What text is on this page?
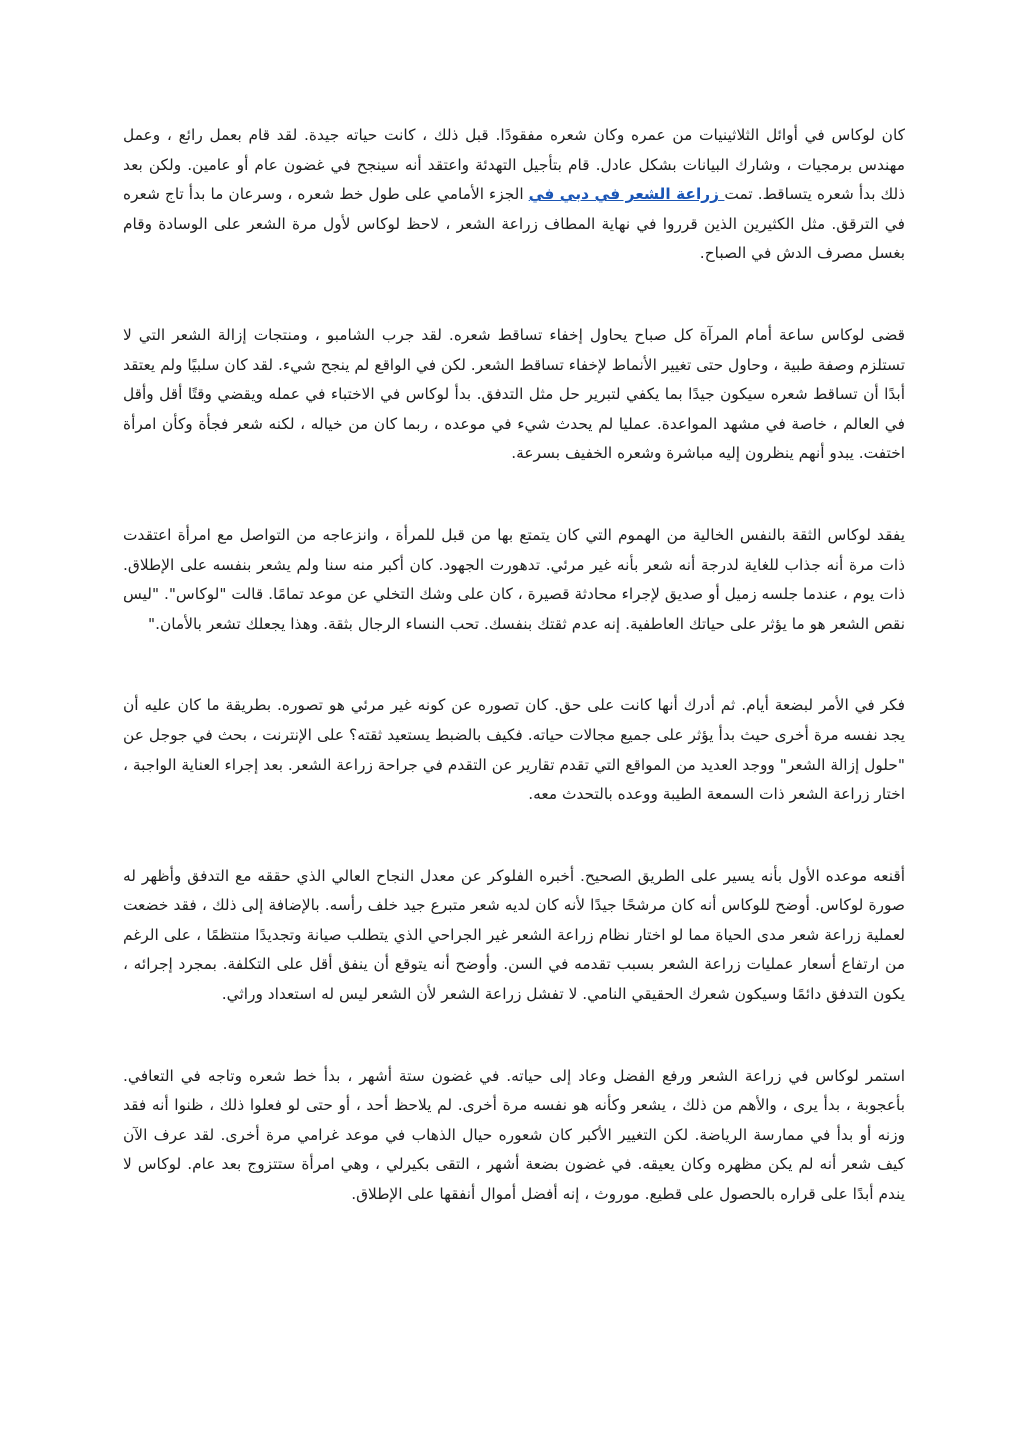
كان لوكاس في أوائل الثلاثينيات من عمره وكان شعره مفقودًا. قبل ذلك ، كانت حياته جيدة. لقد قام بعمل رائع ، وعمل مهندس برمجيات ، وشارك البيانات بشكل عادل. قام بتأجيل التهدئة واعتقد أنه سينجح في غضون عام أو عامين. ولكن بعد ذلك بدأ شعره يتساقط. تمت زراعة الشعر في دبي في الجزء الأمامي على طول خط شعره ، وسرعان ما بدأ تاج شعره في الترقق. مثل الكثيرين الذين قرروا في نهاية المطاف زراعة الشعر ، لاحظ لوكاس لأول مرة الشعر على الوسادة وقام بغسل مصرف الدش في الصباح.

قضى لوكاس ساعة أمام المرآة كل صباح يحاول إخفاء تساقط شعره. لقد جرب الشامبو ، ومنتجات إزالة الشعر التي لا تستلزم وصفة طبية ، وحاول حتى تغيير الأنماط لإخفاء تساقط الشعر. لكن في الواقع لم ينجح شيء. لقد كان سلبيًا ولم يعتقد أبدًا أن تساقط شعره سيكون جيدًا بما يكفي لتبرير حل مثل التدفق. بدأ لوكاس في الاختباء في عمله ويقضي وقتًا أقل وأقل في العالم ، خاصة في مشهد المواعدة. عمليا لم يحدث شيء في موعده ، ربما كان من خياله ، لكنه شعر فجأة وكأن امرأة اختفت. يبدو أنهم ينظرون إليه مباشرة وشعره الخفيف بسرعة.

يفقد لوكاس الثقة بالنفس الخالية من الهموم التي كان يتمتع بها من قبل للمرأة ، وانزعاجه من التواصل مع امرأة اعتقدت ذات مرة أنه جذاب للغاية لدرجة أنه شعر بأنه غير مرئي. تدهورت الجهود. كان أكبر منه سنا ولم يشعر بنفسه على الإطلاق. ذات يوم ، عندما جلسه زميل أو صديق لإجراء محادثة قصيرة ، كان على وشك التخلي عن موعد تمامًا. قالت "لوكاس". "ليس نقص الشعر هو ما يؤثر على حياتك العاطفية. إنه عدم ثقتك بنفسك. تحب النساء الرجال بثقة. وهذا يجعلك تشعر بالأمان."

فكر في الأمر لبضعة أيام. ثم أدرك أنها كانت على حق. كان تصوره عن كونه غير مرئي هو تصوره. بطريقة ما كان عليه أن يجد نفسه مرة أخرى حيث بدأ يؤثر على جميع مجالات حياته. فكيف بالضبط يستعيد ثقته؟ على الإنترنت ، بحث في جوجل عن "حلول إزالة الشعر" ووجد العديد من المواقع التي تقدم تقارير عن التقدم في جراحة زراعة الشعر. بعد إجراء العناية الواجبة ، اختار زراعة الشعر ذات السمعة الطيبة ووعده بالتحدث معه.

أقنعه موعده الأول بأنه يسير على الطريق الصحيح. أخبره الفلوكر عن معدل النجاح العالي الذي حققه مع التدفق وأظهر له صورة لوكاس. أوضح للوكاس أنه كان مرشحًا جيدًا لأنه كان لديه شعر متبرع جيد خلف رأسه. بالإضافة إلى ذلك ، فقد خضعت لعملية زراعة شعر مدى الحياة مما لو اختار نظام زراعة الشعر غير الجراحي الذي يتطلب صيانة وتجديدًا منتظمًا ، على الرغم من ارتفاع أسعار عمليات زراعة الشعر بسبب تقدمه في السن. وأوضح أنه يتوقع أن ينفق أقل على التكلفة. بمجرد إجرائه ، يكون التدفق دائمًا وسيكون شعرك الحقيقي النامي. لا تفشل زراعة الشعر لأن الشعر ليس له استعداد وراثي.

استمر لوكاس في زراعة الشعر ورفع الفضل وعاد إلى حياته. في غضون ستة أشهر ، بدأ خط شعره وتاجه في التعافي. بأعجوبة ، بدأ يرى ، والأهم من ذلك ، يشعر وكأنه هو نفسه مرة أخرى. لم يلاحظ أحد ، أو حتى لو فعلوا ذلك ، ظنوا أنه فقد وزنه أو بدأ في ممارسة الرياضة. لكن التغيير الأكبر كان شعوره حيال الذهاب في موعد غرامي مرة أخرى. لقد عرف الآن كيف شعر أنه لم يكن مظهره وكان يعيقه. في غضون بضعة أشهر ، التقى بكيرلي ، وهي امرأة ستتزوج بعد عام. لوكاس لا يندم أبدًا على قراره بالحصول على قطيع. موروث ، إنه أفضل أموال أنفقها على الإطلاق.
